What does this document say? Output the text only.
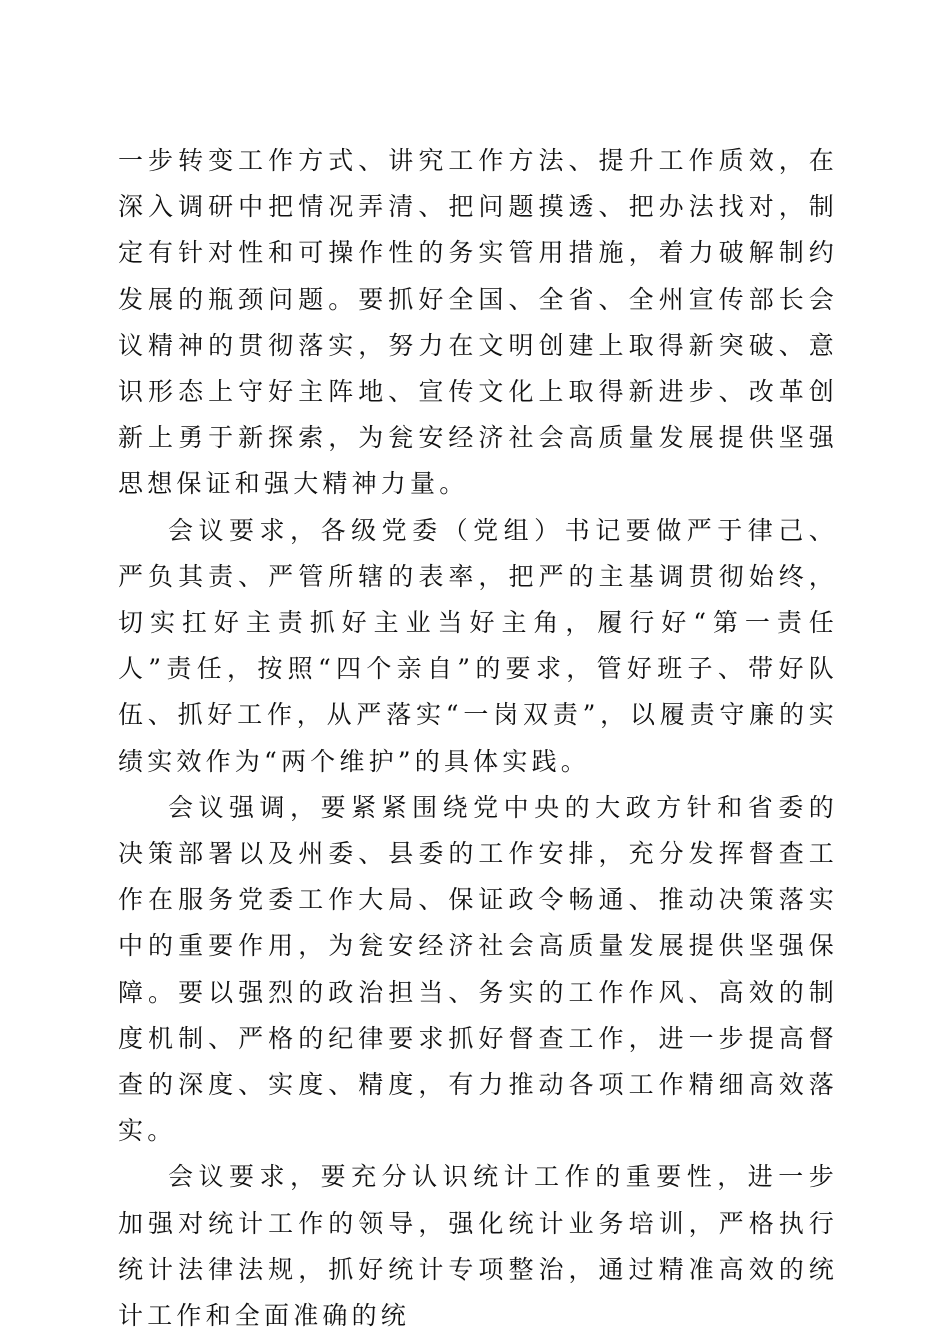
一步转变工作方式、讲究工作方法、提升工作质效，在深入调研中把情况弄清、把问题摸透、把办法找对，制定有针对性和可操作性的务实管用措施，着力破解制约发展的瓶颈问题。要抓好全国、全省、全州宣传部长会议精神的贯彻落实，努力在文明创建上取得新突破、意识形态上守好主阵地、宣传文化上取得新进步、改革创新上勇于新探索，为瓮安经济社会高质量发展提供坚强思想保证和强大精神力量。

会议要求，各级党委（党组）书记要做严于律己、严负其责、严管所辖的表率，把严的主基调贯彻始终，切实扛好主责抓好主业当好主角，履行好“第一责任人”责任，按照“四个亲自”的要求，管好班子、带好队伍、抓好工作，从严落实“一岗双责”，以履责守廉的实绩实效作为“两个维护”的具体实践。

会议强调，要紧紧围绕党中央的大政方针和省委的决策部署以及州委、县委的工作安排，充分发挥督查工作在服务党委工作大局、保证政令畅通、推动决策落实中的重要作用，为瓮安经济社会高质量发展提供坚强保障。要以强烈的政治担当、务实的工作作风、高效的制度机制、严格的纪律要求抓好督查工作，进一步提高督查的深度、实度、精度，有力推动各项工作精细高效落实。

会议要求，要充分认识统计工作的重要性，进一步加强对统计工作的领导，强化统计业务培训，严格执行统计法律法规，抓好统计专项整治，通过精准高效的统计工作和全面准确的统
